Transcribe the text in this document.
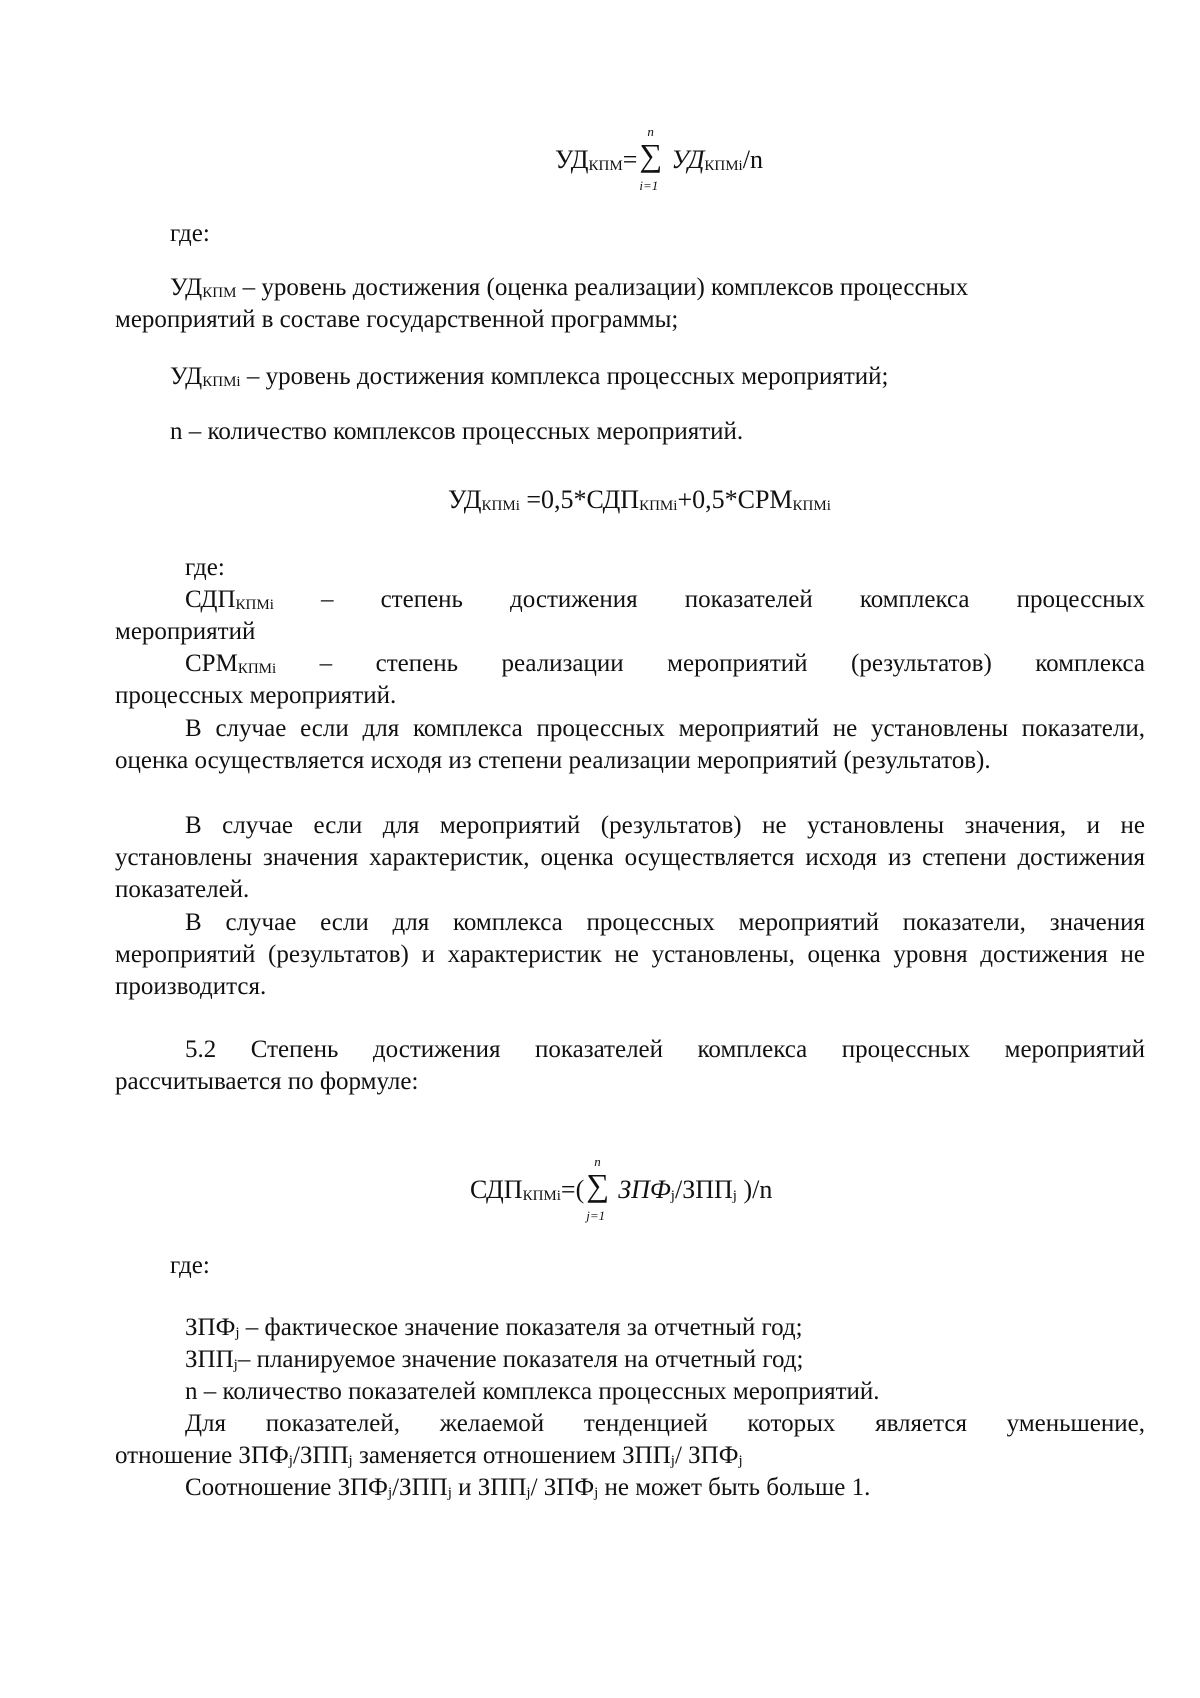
$УД_{КПМ}=$
n
∑
i=1
$УД_{КПМi}/n$
где:
$УД_{КПМ}$ – уровень достижения (оценка реализации) комплексов процессных
мероприятий в составе государственной программы;
$УД_{КПМi}$ – уровень достижения комплекса процессных мероприятий;
n – количество комплексов процессных мероприятий.
$УД_{КПМi} =0,5*СДП_{КПМi}+0,5*СРМ_{КПМi}$
где:
$СДП_{КПМi}$ – степень достижения показателей комплекса процессных
мероприятий
$СРМ_{КПМi}$ – степень реализации мероприятий (результатов) комплекса
процессных мероприятий.
В случае если для комплекса процессных мероприятий не установлены показатели, оценка осуществляется исходя из степени реализации мероприятий (результатов).
В случае если для мероприятий (результатов) не установлены значения, и не установлены значения характеристик, оценка осуществляется исходя из степени достижения показателей.
В случае если для комплекса процессных мероприятий показатели, значения мероприятий (результатов) и характеристик не установлены, оценка уровня достижения не производится.
5.2 Степень достижения показателей комплекса процессных мероприятий рассчитывается по формуле:
$СДП_{КПМi}=$(
n
∑
j=1
$ЗПФ_j/ЗПП_j$ )/n
где:
$ЗПФ_j$ – фактическое значение показателя за отчетный год;
$ЗПП_j-$ планируемое значение показателя на отчетный год;
n – количество показателей комплекса процессных мероприятий.
Для показателей, желаемой тенденцией которых является уменьшение,
отношение $ЗПФ_j/ЗПП_j$ заменяется отношением $ЗПП_j/$ $ЗПФ_j$
Соотношение $ЗПФ_j/ЗПП_j$ и $ЗПП_j/$ $ЗПФ_j$ не может быть больше 1.
